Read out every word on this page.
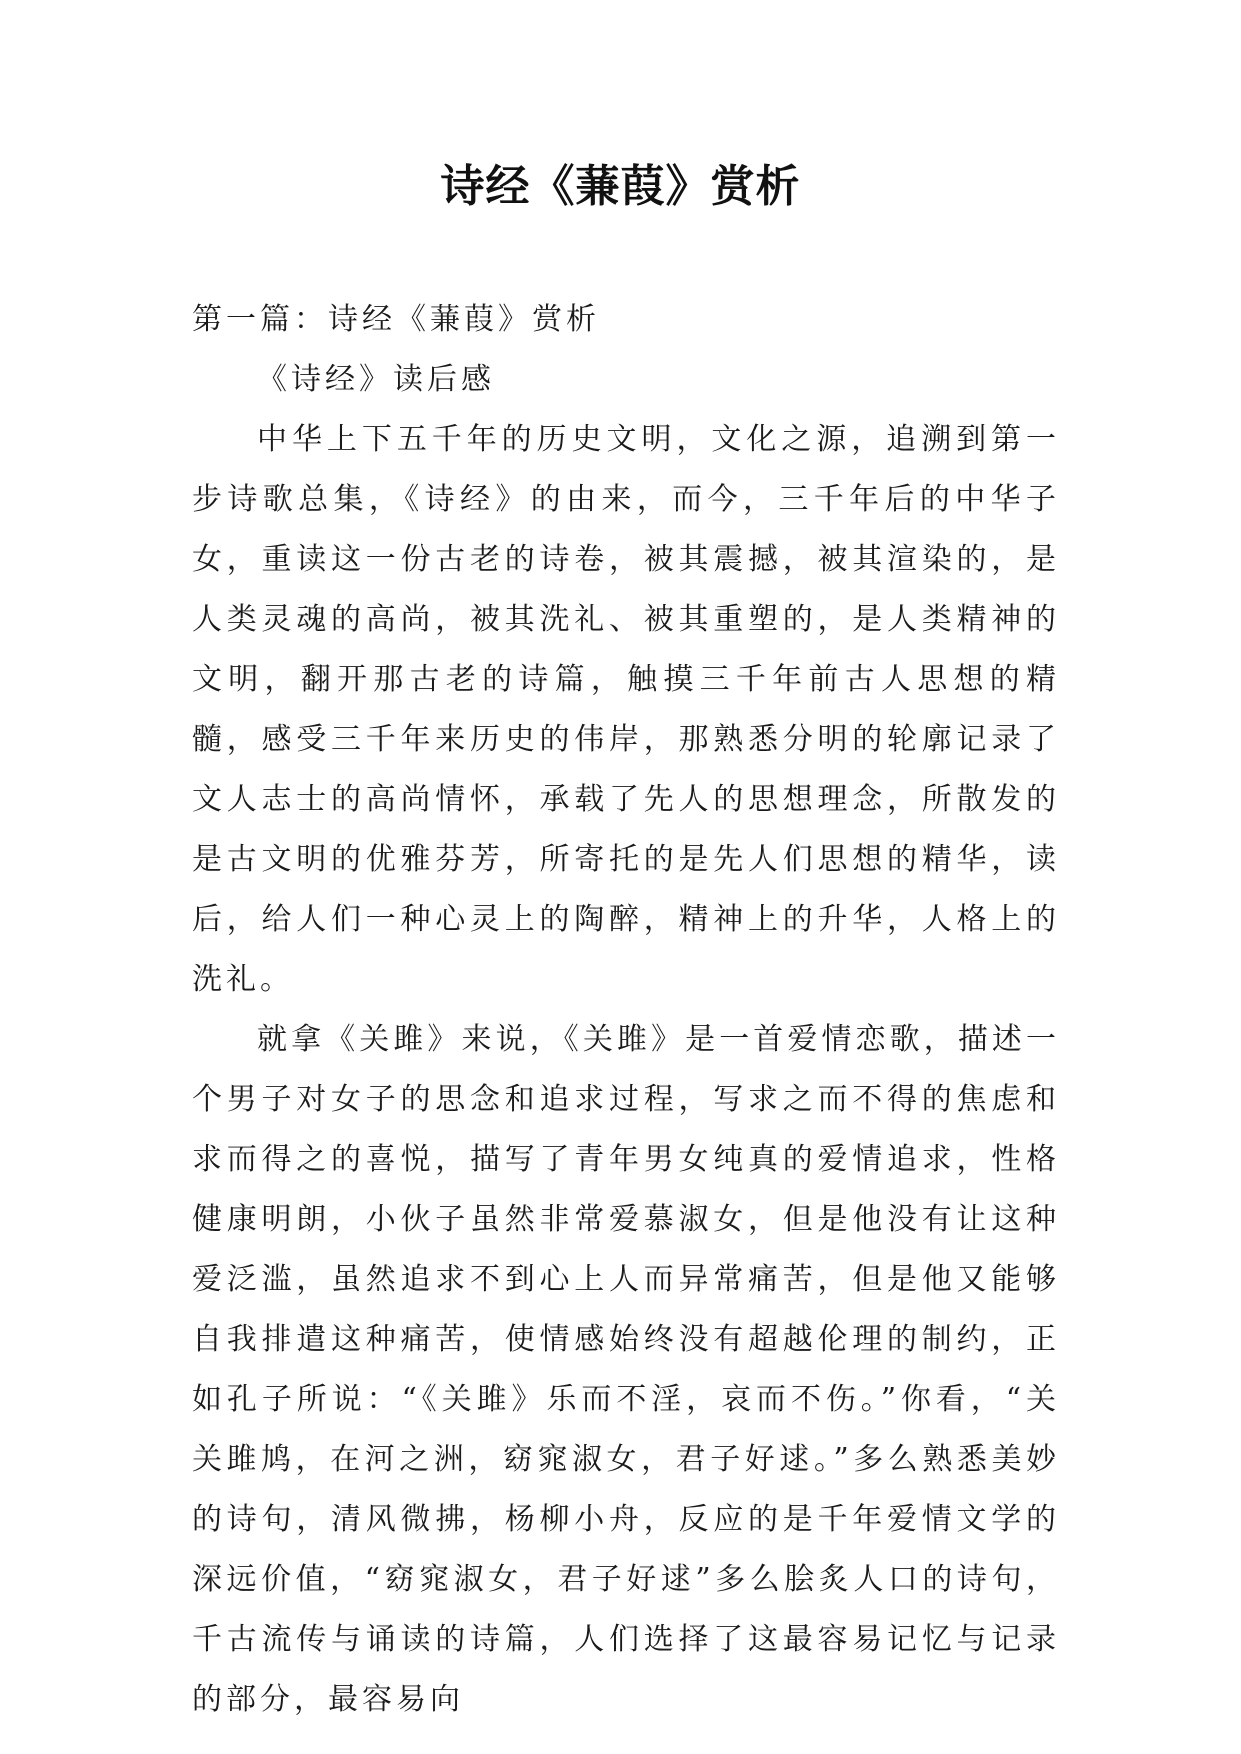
诗经《蒹葭》赏析

第一篇：诗经《蒹葭》赏析

《诗经》读后感

中华上下五千年的历史文明，文化之源，追溯到第一步诗歌总集，《诗经》的由来，而今，三千年后的中华子女，重读这一份古老的诗卷，被其震撼，被其渲染的，是人类灵魂的高尚，被其洗礼、被其重塑的，是人类精神的文明，翻开那古老的诗篇，触摸三千年前古人思想的精髓，感受三千年来历史的伟岸，那熟悉分明的轮廓记录了文人志士的高尚情怀，承载了先人的思想理念，所散发的是古文明的优雅芬芳，所寄托的是先人们思想的精华，读后，给人们一种心灵上的陶醉，精神上的升华，人格上的洗礼。

就拿《关雎》来说，《关雎》是一首爱情恋歌，描述一个男子对女子的思念和追求过程，写求之而不得的焦虑和求而得之的喜悦，描写了青年男女纯真的爱情追求，性格健康明朗，小伙子虽然非常爱慕淑女，但是他没有让这种爱泛滥，虽然追求不到心上人而异常痛苦，但是他又能够自我排遣这种痛苦，使情感始终没有超越伦理的制约，正如孔子所说：“《关雎》乐而不淫，哀而不伤。”你看，“关关雎鸠，在河之洲，窈窕淑女，君子好逑。”多么熟悉美妙的诗句，清风微拂，杨柳小舟，反应的是千年爱情文学的深远价值，“窈窕淑女，君子好逑”多么脍炙人口的诗句，千古流传与诵读的诗篇，人们选择了这最容易记忆与记录的部分，最容易向
